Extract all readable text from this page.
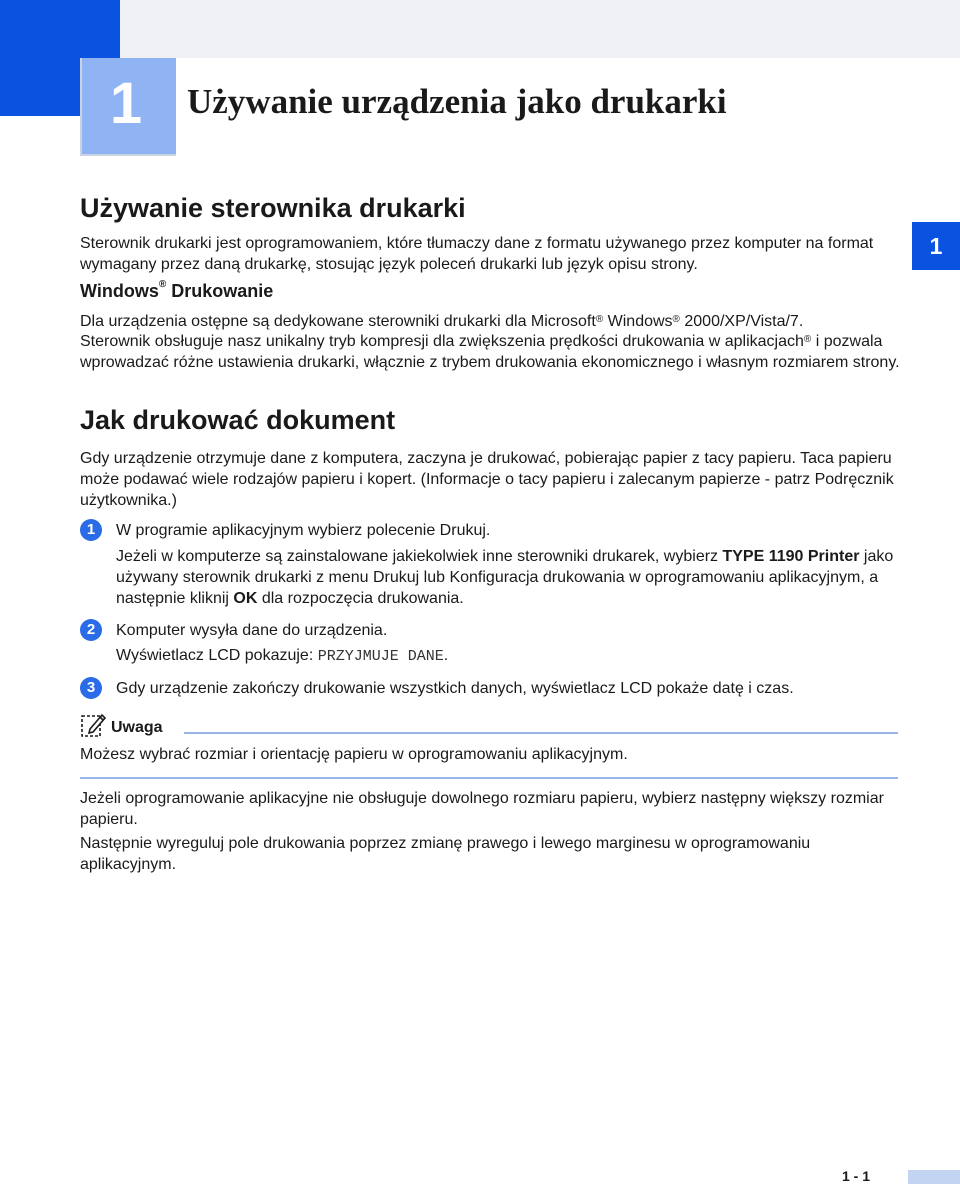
1	Używanie urządzenia jako drukarki
1
Używanie sterownika drukarki

Sterownik drukarki jest oprogramowaniem, które tłumaczy dane z formatu używanego przez komputer na format wymagany przez daną drukarkę, stosując język poleceń drukarki lub język opisu strony.

Windows® Drukowanie

Dla urządzenia ostępne są dedykowane sterowniki drukarki dla Microsoft® Windows® 2000/XP/Vista/7.

Sterownik obsługuje nasz unikalny tryb kompresji dla zwiększenia prędkości drukowania w aplikacjach® i pozwala wprowadzać różne ustawienia drukarki, włącznie z trybem drukowania ekonomicznego i własnym rozmiarem strony.

Jak drukować dokument

Gdy urządzenie otrzymuje dane z komputera, zaczyna je drukować, pobierając papier z tacy papieru. Taca papieru może podawać wiele rodzajów papieru i kopert. (Informacje o tacy papieru i zalecanym papierze - patrz Podręcznik użytkownika.)

1	W programie aplikacyjnym wybierz polecenie Drukuj.

Jeżeli w komputerze są zainstalowane jakiekolwiek inne sterowniki drukarek, wybierz TYPE 1190 Printer jako używany sterownik drukarki z menu Drukuj lub Konfiguracja drukowania w oprogramowaniu aplikacyjnym, a następnie kliknij OK dla rozpoczęcia drukowania.

2	Komputer wysyła dane do urządzenia.

Wyświetlacz LCD pokazuje: PRZYJMUJE DANE.

3	Gdy urządzenie zakończy drukowanie wszystkich danych, wyświetlacz LCD pokaże datę i czas.

Uwaga

Możesz wybrać rozmiar i orientację papieru w oprogramowaniu aplikacyjnym.

Jeżeli oprogramowanie aplikacyjne nie obsługuje dowolnego rozmiaru papieru, wybierz następny większy rozmiar papieru.

Następnie wyreguluj pole drukowania poprzez zmianę prawego i lewego marginesu w oprogramowaniu aplikacyjnym.

1 - 1
